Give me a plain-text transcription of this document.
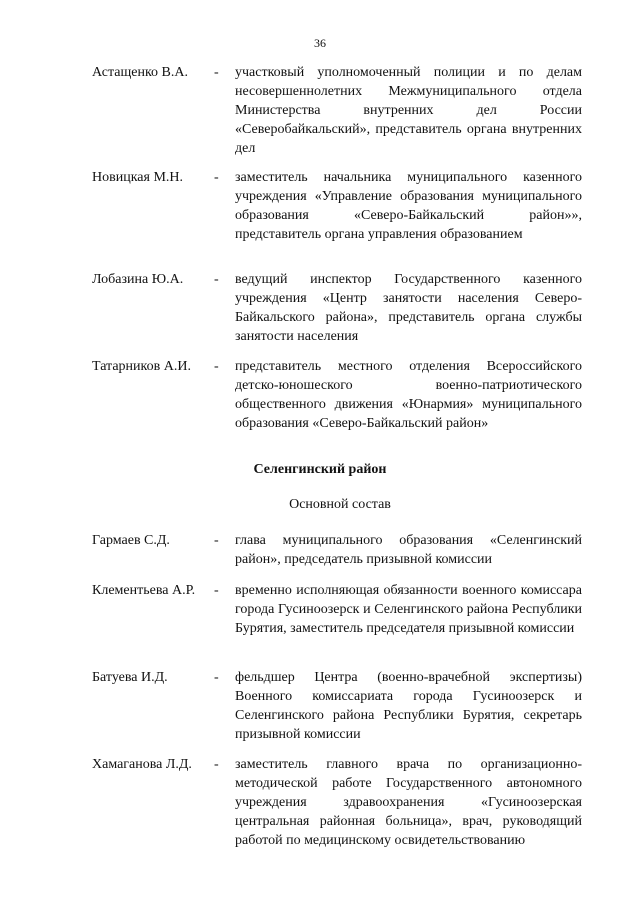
36
Астащенко В.А. - участковый уполномоченный полиции и по делам несовершеннолетних Межмуниципального отдела Министерства внутренних дел России «Северобайкальский», представитель органа внутренних дел
Новицкая М.Н. - заместитель начальника муниципального казенного учреждения «Управление образования муниципального образования «Северо-Байкальский район»», представитель органа управления образованием
Лобазина Ю.А. - ведущий инспектор Государственного казенного учреждения «Центр занятости населения Северо-Байкальского района», представитель органа службы занятости населения
Татарников А.И. - представитель местного отделения Всероссийского детско-юношеского военно-патриотического общественного движения «Юнармия» муниципального образования «Северо-Байкальский район»
Селенгинский район
Основной состав
Гармаев С.Д.	- глава муниципального образования «Селенгинский район», председатель призывной комиссии
Клементьева А.Р. - временно исполняющая обязанности военного комиссара города Гусиноозерск и Селенгинского района Республики Бурятия, заместитель председателя призывной комиссии
Батуева И.Д.	- фельдшер Центра (военно-врачебной экспертизы) Военного комиссариата города Гусиноозерск и Селенгинского района Республики Бурятия, секретарь призывной комиссии
Хамаганова Л.Д. - заместитель главного врача по организационно-методической работе Государственного автономного учреждения здравоохранения «Гусиноозерская центральная районная больница», врач, руководящий работой по медицинскому освидетельствованию
